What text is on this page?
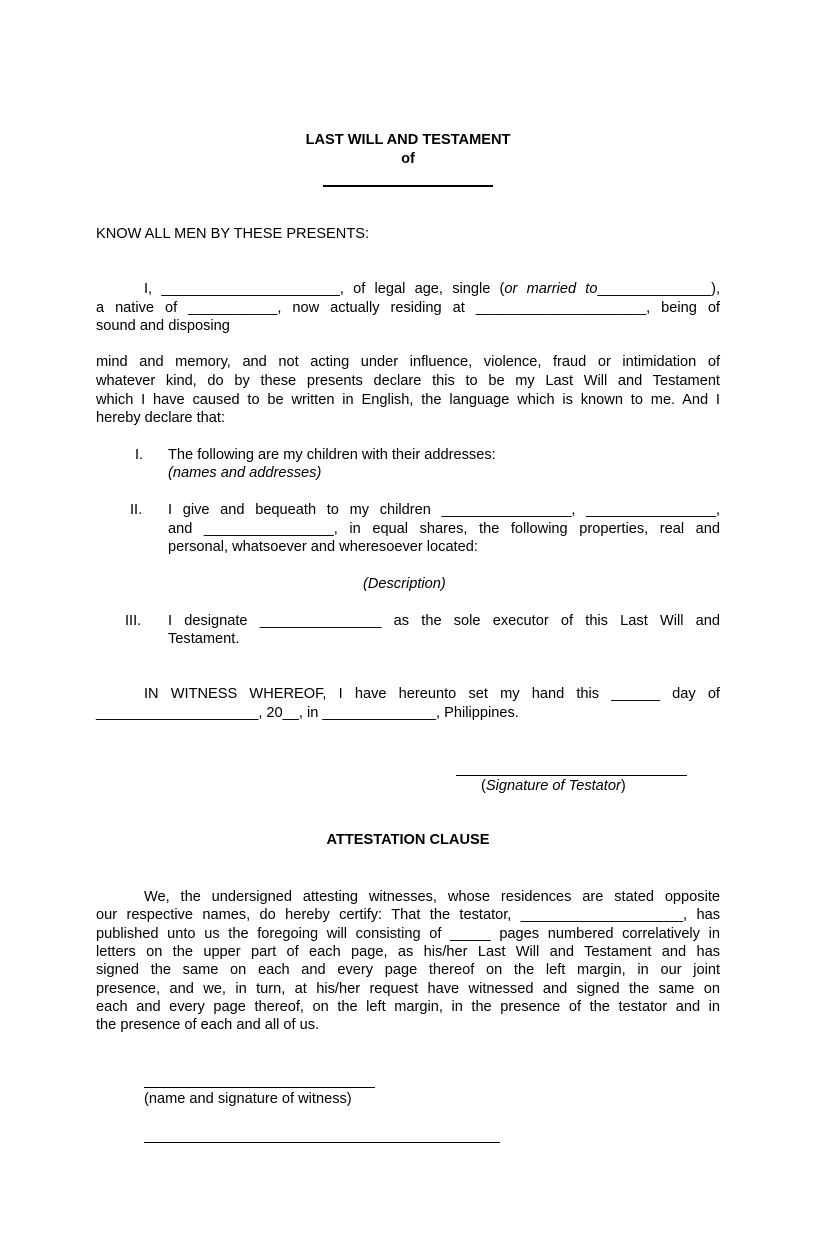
LAST WILL AND TESTAMENT
of
KNOW ALL MEN BY THESE PRESENTS:
I, ______________________, of legal age, single (or married to______________),
a native of ___________, now actually residing at _____________________, being of
sound and disposing
mind and memory, and not acting under influence, violence, fraud or intimidation of
whatever kind, do by these presents declare this to be my Last Will and Testament
which I have caused to be written in English, the language which is known to me. And I
hereby declare that:
I. The following are my children with their addresses:
(names and addresses)
II. I give and bequeath to my children ________________, ________________,
and ________________, in equal shares, the following properties, real and
personal, whatsoever and wheresoever located:
(Description)
III. I designate _______________ as the sole executor of this Last Will and
Testament.
IN WITNESS WHEREOF, I have hereunto set my hand this ______ day of
____________________, 20__, in ______________, Philippines.
(Signature of Testator)
ATTESTATION CLAUSE
We, the undersigned attesting witnesses, whose residences are stated opposite
our respective names, do hereby certify: That the testator, ____________________, has
published unto us the foregoing will consisting of _____ pages numbered correlatively in
letters on the upper part of each page, as his/her Last Will and Testament and has
signed the same on each and every page thereof on the left margin, in our joint
presence, and we, in turn, at his/her request have witnessed and signed the same on
each and every page thereof, on the left margin, in the presence of the testator and in
the presence of each and all of us.
(name and signature of witness)
